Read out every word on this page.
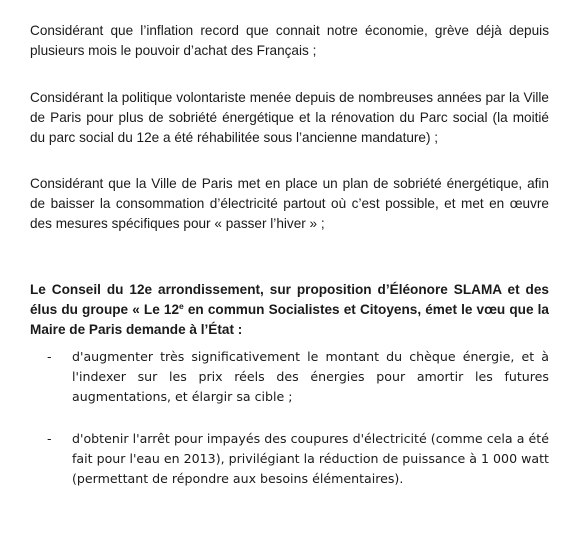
Considérant que l’inflation record que connait notre économie, grève déjà depuis plusieurs mois le pouvoir d’achat des Français ;

Considérant la politique volontariste menée depuis de nombreuses années par la Ville de Paris pour plus de sobriété énergétique et la rénovation du Parc social (la moitié du parc social du 12e a été réhabilitée sous l’ancienne mandature) ;

Considérant que la Ville de Paris met en place un plan de sobriété énergétique, afin de baisser la consommation d’électricité partout où c’est possible, et met en œuvre des mesures spécifiques pour « passer l’hiver » ;

Le Conseil du 12e arrondissement, sur proposition d’Éléonore SLAMA et des élus du groupe « Le 12e en commun Socialistes et Citoyens, émet le vœu que la Maire de Paris demande à l’État :

- d'augmenter très significativement le montant du chèque énergie, et à l'indexer sur les prix réels des énergies pour amortir les futures augmentations, et élargir sa cible ;
- d'obtenir l'arrêt pour impayés des coupures d'électricité (comme cela a été fait pour l'eau en 2013), privilégiant la réduction de puissance à 1 000 watt (permettant de répondre aux besoins élémentaires).
